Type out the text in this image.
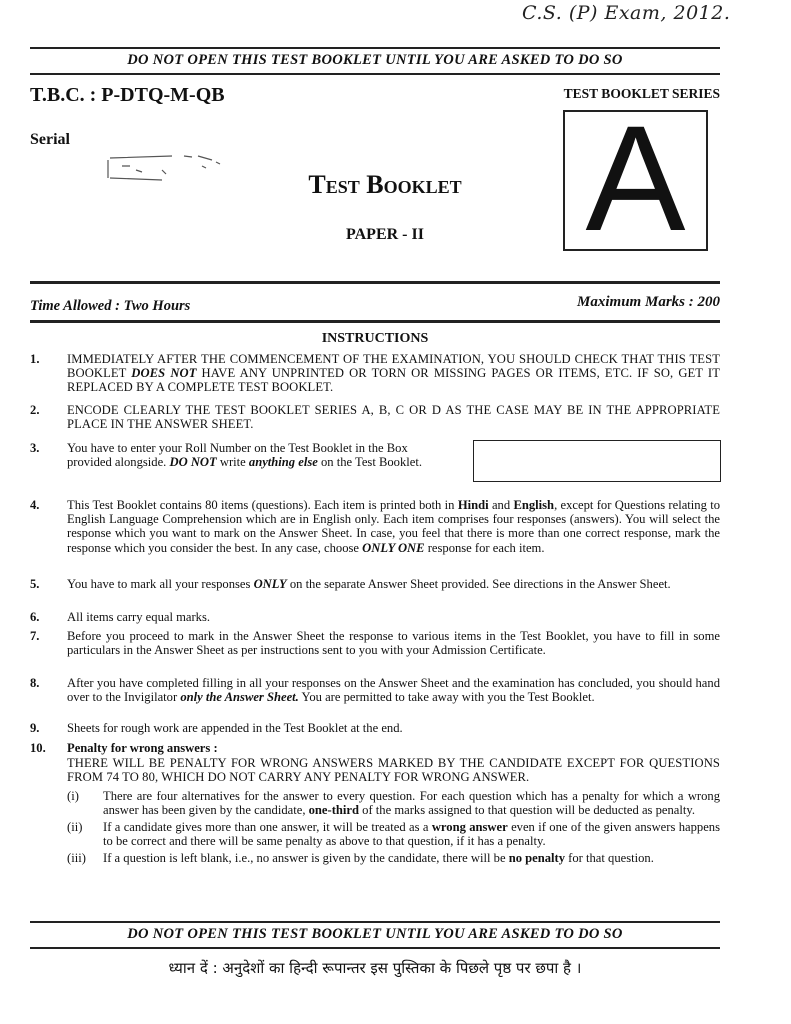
C.S. (P) Exam, 2012.
DO NOT OPEN THIS TEST BOOKLET UNTIL YOU ARE ASKED TO DO SO
T.B.C. : P-DTQ-M-QB	TEST BOOKLET SERIES
A
Serial
Test Booklet
PAPER - II
Time Allowed : Two Hours	Maximum Marks : 200
INSTRUCTIONS
1.	IMMEDIATELY AFTER THE COMMENCEMENT OF THE EXAMINATION, YOU SHOULD CHECK THAT THIS TEST BOOKLET DOES NOT HAVE ANY UNPRINTED OR TORN OR MISSING PAGES OR ITEMS, ETC. IF SO, GET IT REPLACED BY A COMPLETE TEST BOOKLET.
2.	ENCODE CLEARLY THE TEST BOOKLET SERIES A, B, C OR D AS THE CASE MAY BE IN THE APPROPRIATE PLACE IN THE ANSWER SHEET.
3.	You have to enter your Roll Number on the Test Booklet in the Box provided alongside. DO NOT write anything else on the Test Booklet.
4.	This Test Booklet contains 80 items (questions). Each item is printed both in Hindi and English, except for Questions relating to English Language Comprehension which are in English only. Each item comprises four responses (answers). You will select the response which you want to mark on the Answer Sheet. In case, you feel that there is more than one correct response, mark the response which you consider the best. In any case, choose ONLY ONE response for each item.
5.	You have to mark all your responses ONLY on the separate Answer Sheet provided. See directions in the Answer Sheet.
6.	All items carry equal marks.
7.	Before you proceed to mark in the Answer Sheet the response to various items in the Test Booklet, you have to fill in some particulars in the Answer Sheet as per instructions sent to you with your Admission Certificate.
8.	After you have completed filling in all your responses on the Answer Sheet and the examination has concluded, you should hand over to the Invigilator only the Answer Sheet. You are permitted to take away with you the Test Booklet.
9.	Sheets for rough work are appended in the Test Booklet at the end.
10.	Penalty for wrong answers :
THERE WILL BE PENALTY FOR WRONG ANSWERS MARKED BY THE CANDIDATE EXCEPT FOR QUESTIONS FROM 74 TO 80, WHICH DO NOT CARRY ANY PENALTY FOR WRONG ANSWER.
(i) There are four alternatives for the answer to every question. For each question which has a penalty for which a wrong answer has been given by the candidate, one-third of the marks assigned to that question will be deducted as penalty.
(ii) If a candidate gives more than one answer, it will be treated as a wrong answer even if one of the given answers happens to be correct and there will be same penalty as above to that question, if it has a penalty.
(iii) If a question is left blank, i.e., no answer is given by the candidate, there will be no penalty for that question.
DO NOT OPEN THIS TEST BOOKLET UNTIL YOU ARE ASKED TO DO SO
ध्यान दें : अनुदेशों का हिन्दी रूपान्तर इस पुस्तिका के पिछले पृष्ठ पर छपा है ।
